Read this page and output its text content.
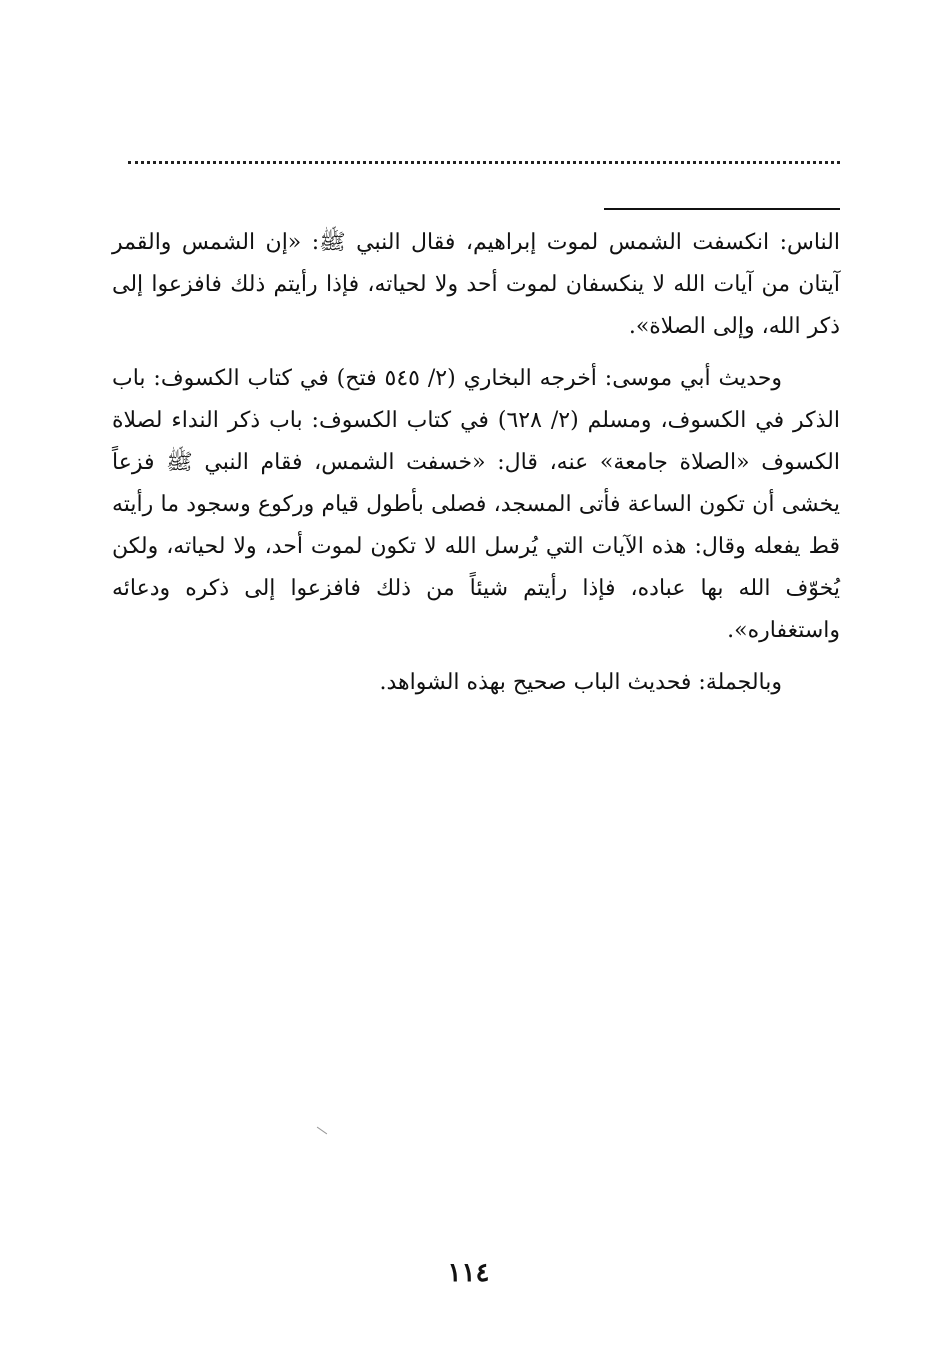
الناس: انكسفت الشمس لموت إبراهيم، فقال النبي ﷺ: «إن الشمس والقمر آيتان من آيات الله لا ينكسفان لموت أحد ولا لحياته، فإذا رأيتم ذلك فافزعوا إلى ذكر الله، وإلى الصلاة».

وحديث أبي موسى: أخرجه البخاري (٢/ ٥٤٥ فتح) في كتاب الكسوف: باب الذكر في الكسوف، ومسلم (٢/ ٦٢٨) في كتاب الكسوف: باب ذكر النداء لصلاة الكسوف «الصلاة جامعة» عنه، قال: «خسفت الشمس، فقام النبي ﷺ فزعاً يخشى أن تكون الساعة فأتى المسجد، فصلى بأطول قيام وركوع وسجود ما رأيته قط يفعله وقال: هذه الآيات التي يُرسل الله لا تكون لموت أحد، ولا لحياته، ولكن يُخوّف الله بها عباده، فإذا رأيتم شيئاً من ذلك فافزعوا إلى ذكره ودعائه واستغفاره».

وبالجملة: فحديث الباب صحيح بهذه الشواهد.

١١٤
